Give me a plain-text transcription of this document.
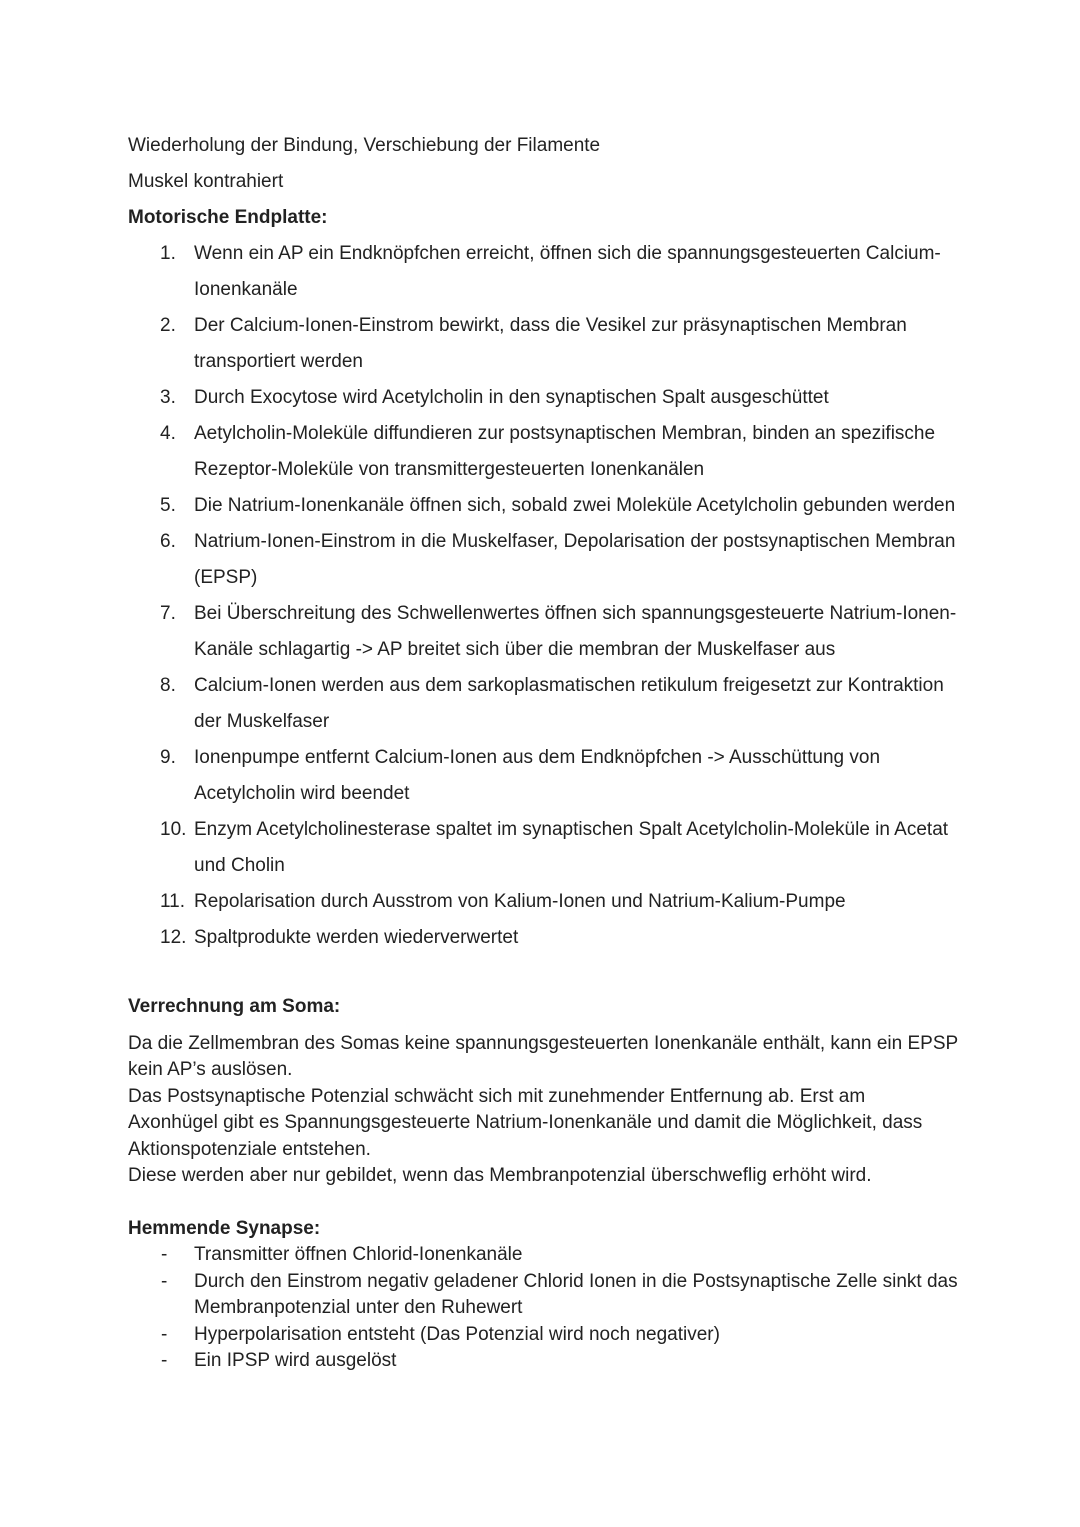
Wiederholung der Bindung, Verschiebung der Filamente

Muskel kontrahiert

Motorische Endplatte:

1. Wenn ein AP ein Endknöpfchen erreicht, öffnen sich die spannungsgesteuerten Calcium-Ionenkanäle
2. Der Calcium-Ionen-Einstrom bewirkt, dass die Vesikel zur präsynaptischen Membran transportiert werden
3. Durch Exocytose wird Acetylcholin in den synaptischen Spalt ausgeschüttet
4. Aetylcholin-Moleküle diffundieren zur postsynaptischen Membran, binden an spezifische Rezeptor-Moleküle von transmittergesteuerten Ionenkanälen
5. Die Natrium-Ionenkanäle öffnen sich, sobald zwei Moleküle Acetylcholin gebunden werden
6. Natrium-Ionen-Einstrom in die Muskelfaser, Depolarisation der postsynaptischen Membran (EPSP)
7. Bei Überschreitung des Schwellenwertes öffnen sich spannungsgesteuerte Natrium-Ionen-Kanäle schlagartig -> AP breitet sich über die membran der Muskelfaser aus
8. Calcium-Ionen werden aus dem sarkoplasmatischen retikulum freigesetzt zur Kontraktion der Muskelfaser
9. Ionenpumpe entfernt Calcium-Ionen aus dem Endknöpfchen -> Ausschüttung von Acetylcholin wird beendet
10. Enzym Acetylcholinesterase spaltet im synaptischen Spalt Acetylcholin-Moleküle in Acetat und Cholin
11. Repolarisation durch Ausstrom von Kalium-Ionen und Natrium-Kalium-Pumpe
12. Spaltprodukte werden wiederverwertet

Verrechnung am Soma:

Da die Zellmembran des Somas keine spannungsgesteuerten Ionenkanäle enthält, kann ein EPSP kein AP’s auslösen.

Das Postsynaptische Potenzial schwächt sich mit zunehmender Entfernung ab. Erst am Axonhügel gibt es Spannungsgesteuerte Natrium-Ionenkanäle und damit die Möglichkeit, dass Aktionspotenziale entstehen.

Diese werden aber nur gebildet, wenn das Membranpotenzial überschweflig erhöht wird.

Hemmende Synapse:

- Transmitter öffnen Chlorid-Ionenkanäle
- Durch den Einstrom negativ geladener Chlorid Ionen in die Postsynaptische Zelle sinkt das Membranpotenzial unter den Ruhewert
- Hyperpolarisation entsteht (Das Potenzial wird noch negativer)
- Ein IPSP wird ausgelöst
